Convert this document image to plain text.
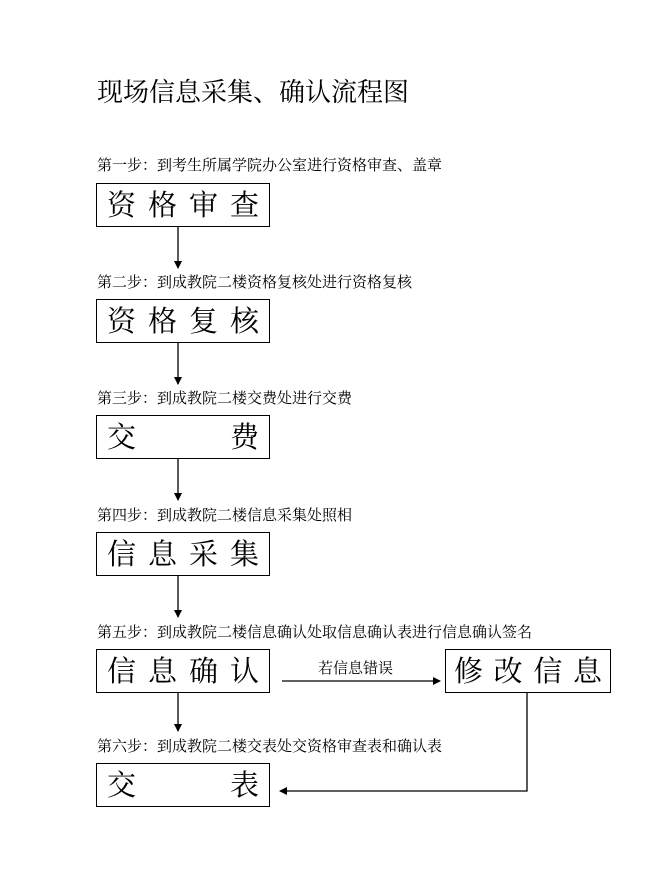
现场信息采集、确认流程图
第一步：到考生所属学院办公室进行资格审查、盖章
资 格 审 查
第二步：到成教院二楼资格复核处进行资格复核
资 格 复 核
第三步：到成教院二楼交费处进行交费
交	费
第四步：到成教院二楼信息采集处照相
信 息 采 集
第五步：到成教院二楼信息确认处取信息确认表进行信息确认签名
信 息 确 认	若信息错误 修 改 信 息
第六步：到成教院二楼交表处交资格审查表和确认表
交	表
